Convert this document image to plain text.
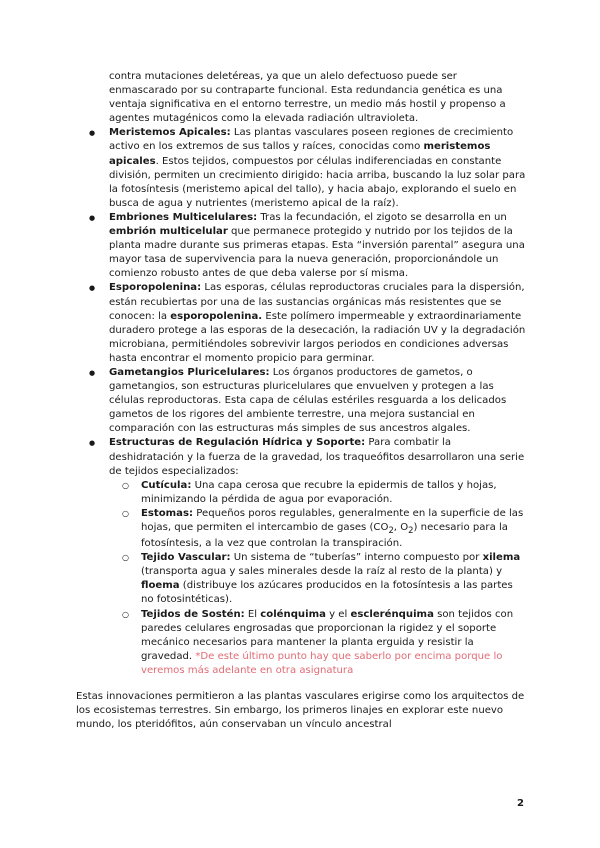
contra mutaciones deletéreas, ya que un alelo defectuoso puede ser enmascarado por su contraparte funcional. Esta redundancia genética es una ventaja significativa en el entorno terrestre, un medio más hostil y propenso a agentes mutagénicos como la elevada radiación ultravioleta.

● Meristemos Apicales: Las plantas vasculares poseen regiones de crecimiento activo en los extremos de sus tallos y raíces, conocidas como meristemos apicales. Estos tejidos, compuestos por células indiferenciadas en constante división, permiten un crecimiento dirigido: hacia arriba, buscando la luz solar para la fotosíntesis (meristemo apical del tallo), y hacia abajo, explorando el suelo en busca de agua y nutrientes (meristemo apical de la raíz).
● Embriones Multicelulares: Tras la fecundación, el zigoto se desarrolla en un embrión multicelular que permanece protegido y nutrido por los tejidos de la planta madre durante sus primeras etapas. Esta “inversión parental” asegura una mayor tasa de supervivencia para la nueva generación, proporcionándole un comienzo robusto antes de que deba valerse por sí misma.
● Esporopolenina: Las esporas, células reproductoras cruciales para la dispersión, están recubiertas por una de las sustancias orgánicas más resistentes que se conocen: la esporopolenina. Este polímero impermeable y extraordinariamente duradero protege a las esporas de la desecación, la radiación UV y la degradación microbiana, permitiéndoles sobrevivir largos periodos en condiciones adversas hasta encontrar el momento propicio para germinar.
● Gametangios Pluricelulares: Los órganos productores de gametos, o gametangios, son estructuras pluricelulares que envuelven y protegen a las células reproductoras. Esta capa de células estériles resguarda a los delicados gametos de los rigores del ambiente terrestre, una mejora sustancial en comparación con las estructuras más simples de sus ancestros algales.
● Estructuras de Regulación Hídrica y Soporte: Para combatir la deshidratación y la fuerza de la gravedad, los traqueófitos desarrollaron una serie de tejidos especializados:
○ Cutícula: Una capa cerosa que recubre la epidermis de tallos y hojas, minimizando la pérdida de agua por evaporación.
○ Estomas: Pequeños poros regulables, generalmente en la superficie de las hojas, que permiten el intercambio de gases ($CO_2$, $O_2$) necesario para la fotosíntesis, a la vez que controlan la transpiración.
○ Tejido Vascular: Un sistema de “tuberías” interno compuesto por xilema (transporta agua y sales minerales desde la raíz al resto de la planta) y floema (distribuye los azúcares producidos en la fotosíntesis a las partes no fotosintéticas).
○ Tejidos de Sostén: El colénquima y el esclerénquima son tejidos con paredes celulares engrosadas que proporcionan la rigidez y el soporte mecánico necesarios para mantener la planta erguida y resistir la gravedad. *De este último punto hay que saberlo por encima porque lo veremos más adelante en otra asignatura

Estas innovaciones permitieron a las plantas vasculares erigirse como los arquitectos de los ecosistemas terrestres. Sin embargo, los primeros linajes en explorar este nuevo mundo, los pteridófitos, aún conservaban un vínculo ancestral

2
